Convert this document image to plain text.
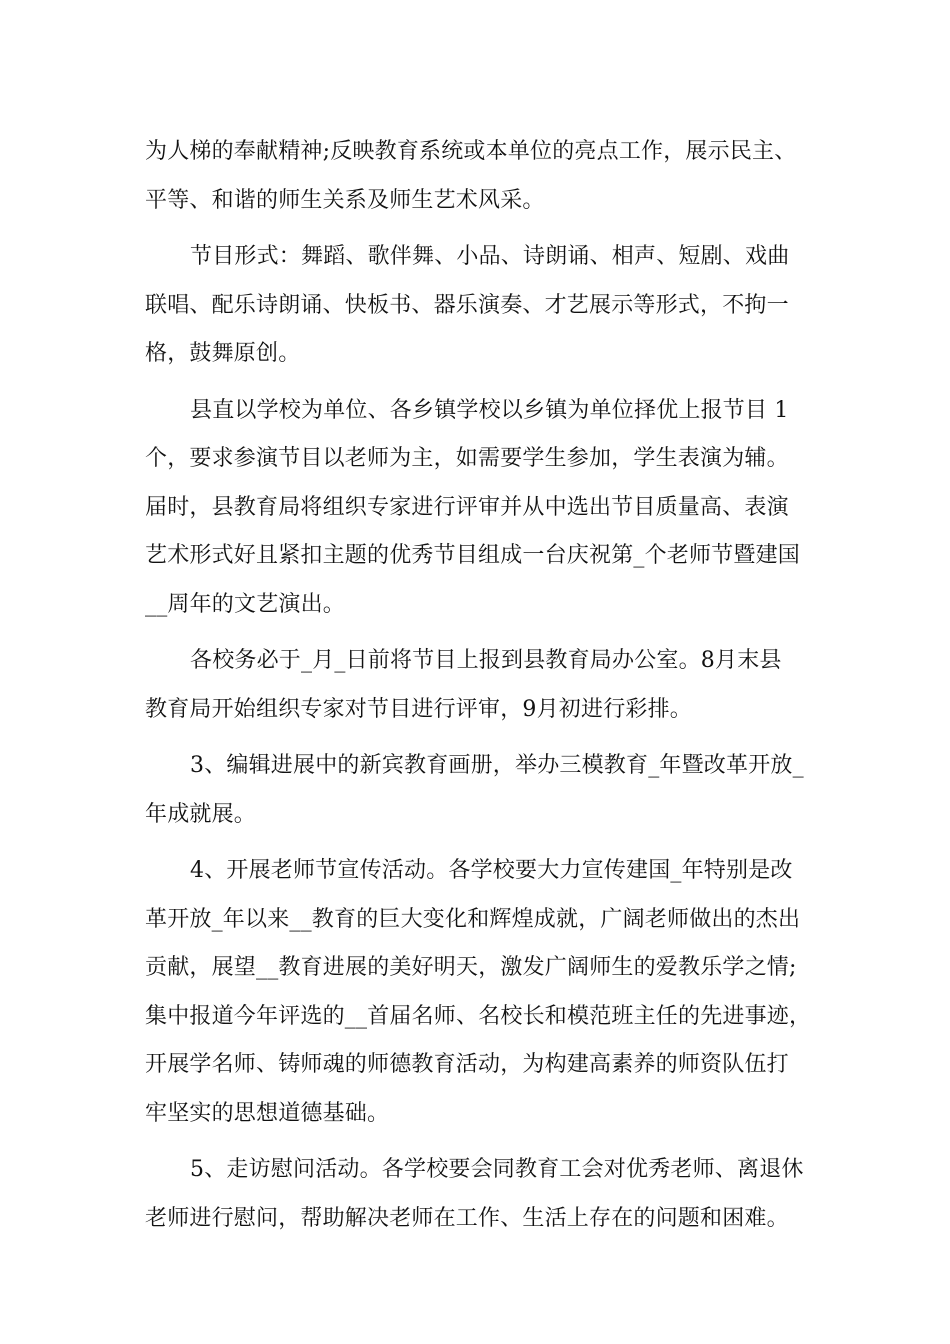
为人梯的奉献精神;反映教育系统或本单位的亮点工作，展示民主、
平等、和谐的师生关系及师生艺术风采。
节目形式：舞蹈、歌伴舞、小品、诗朗诵、相声、短剧、戏曲
联唱、配乐诗朗诵、快板书、器乐演奏、才艺展示等形式，不拘一
格，鼓舞原创。
县直以学校为单位、各乡镇学校以乡镇为单位择优上报节目 1
个，要求参演节目以老师为主，如需要学生参加，学生表演为辅。
届时，县教育局将组织专家进行评审并从中选出节目质量高、表演
艺术形式好且紧扣主题的优秀节目组成一台庆祝第_个老师节暨建国
__周年的文艺演出。
各校务必于_月_日前将节目上报到县教育局办公室。8月末县
教育局开始组织专家对节目进行评审，9月初进行彩排。
3、编辑进展中的新宾教育画册，举办三模教育_年暨改革开放_
年成就展。
4、开展老师节宣传活动。各学校要大力宣传建国_年特别是改
革开放_年以来__教育的巨大变化和辉煌成就，广阔老师做出的杰出
贡献，展望__教育进展的美好明天，激发广阔师生的爱教乐学之情;
集中报道今年评选的__首届名师、名校长和模范班主任的先进事迹，
开展学名师、铸师魂的师德教育活动，为构建高素养的师资队伍打
牢坚实的思想道德基础。
5、走访慰问活动。各学校要会同教育工会对优秀老师、离退休
老师进行慰问，帮助解决老师在工作、生活上存在的问题和困难。
